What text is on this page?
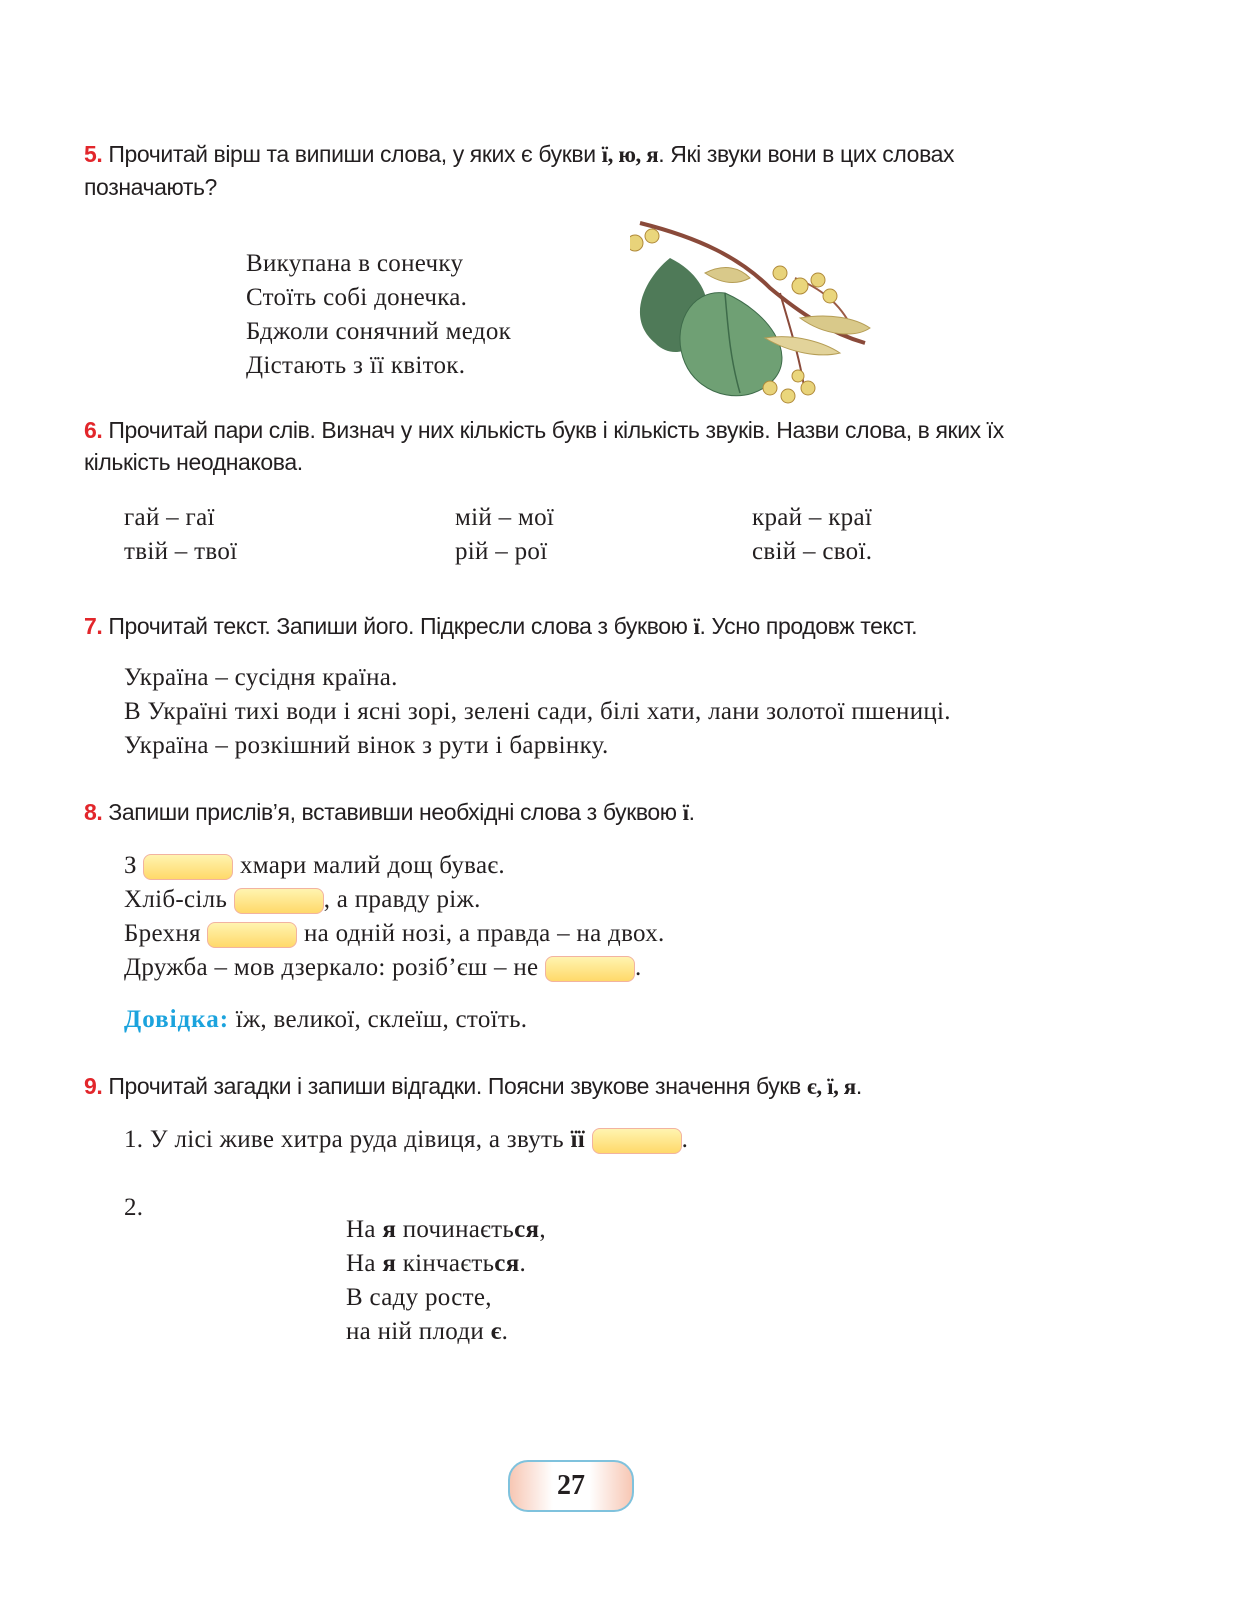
5. Прочитай вірш та випиши слова, у яких є букви ї, ю, я. Які звуки вони в цих словах позначають?
Викупана в сонечку
Стоїть собі донечка.
Бджоли сонячний медок
Дістають з її квіток.
6. Прочитай пари слів. Визнач у них кількість букв і кількість звуків. Назви слова, в яких їх кількість неоднакова.
гай – гаї	мій – мої	край – краї
твій – твої	рій – рої	свій – свої.
7. Прочитай текст. Запиши його. Підкресли слова з буквою ї. Усно продовж текст.
Україна – сусідня країна.
В Україні тихі води і ясні зорі, зелені сади, білі хати, лани золотої пшениці.
Україна – розкішний вінок з рути і барвінку.
8. Запиши прислів’я, вставивши необхідні слова з буквою ї.
З	хмари малий дощ буває.
Хліб-сіль	, а правду ріж.
Брехня	на одній нозі, а правда – на двох.
Дружба – мов дзеркало: розіб’єш – не	.
Довідка: їж, великої, склеїш, стоїть.
9. Прочитай загадки і запиши відгадки. Поясни звукове значення букв є, ї, я.
1. У лісі живе хитра руда дівиця, а звуть її	.
2.
На я починається,
На я кінчається.
В саду росте,
на ній плоди є.
27
